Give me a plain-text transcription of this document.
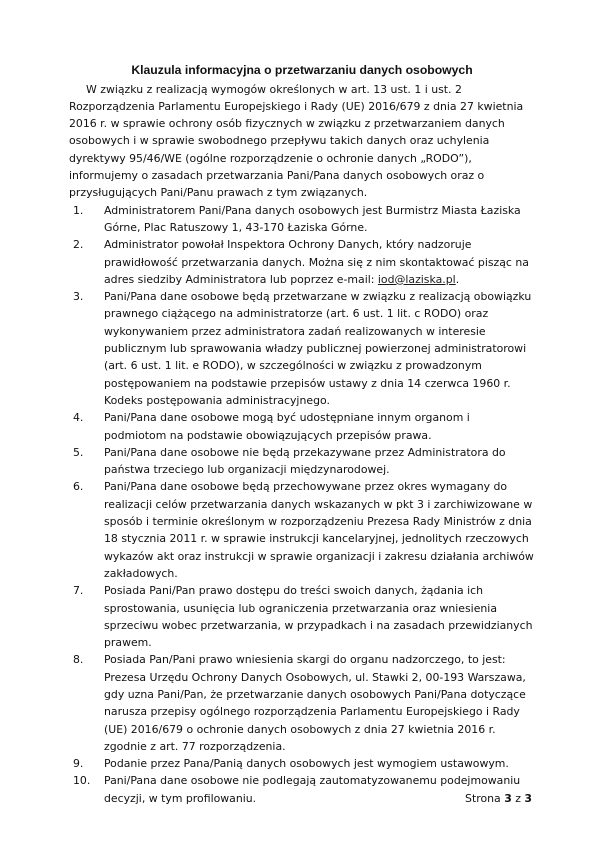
Klauzula informacyjna o przetwarzaniu danych osobowych

W związku z realizacją wymogów określonych w art. 13 ust. 1 i ust. 2 Rozporządzenia Parlamentu Europejskiego i Rady (UE) 2016/679 z dnia 27 kwietnia 2016 r. w sprawie ochrony osób fizycznych w związku z przetwarzaniem danych osobowych i w sprawie swobodnego przepływu takich danych oraz uchylenia dyrektywy 95/46/WE (ogólne rozporządzenie o ochronie danych „RODO”), informujemy o zasadach przetwarzania Pani/Pana danych osobowych oraz o przysługujących Pani/Panu prawach z tym związanych.

1. Administratorem Pani/Pana danych osobowych jest Burmistrz Miasta Łaziska Górne, Plac Ratuszowy 1, 43-170 Łaziska Górne.
2. Administrator powołał Inspektora Ochrony Danych, który nadzoruje prawidłowość przetwarzania danych. Można się z nim skontaktować pisząc na adres siedziby Administratora lub poprzez e-mail: iod@laziska.pl.
3. Pani/Pana dane osobowe będą przetwarzane w związku z realizacją obowiązku prawnego ciążącego na administratorze (art. 6 ust. 1 lit. c RODO) oraz wykonywaniem przez administratora zadań realizowanych w interesie publicznym lub sprawowania władzy publicznej powierzonej administratorowi (art. 6 ust. 1 lit. e RODO), w szczególności w związku z prowadzonym postępowaniem na podstawie przepisów ustawy z dnia 14 czerwca 1960 r. Kodeks postępowania administracyjnego.
4. Pani/Pana dane osobowe mogą być udostępniane innym organom i podmiotom na podstawie obowiązujących przepisów prawa.
5. Pani/Pana dane osobowe nie będą przekazywane przez Administratora do państwa trzeciego lub organizacji międzynarodowej.
6. Pani/Pana dane osobowe będą przechowywane przez okres wymagany do realizacji celów przetwarzania danych wskazanych w pkt 3 i zarchiwizowane w sposób i terminie określonym w rozporządzeniu Prezesa Rady Ministrów z dnia 18 stycznia 2011 r. w sprawie instrukcji kancelaryjnej, jednolitych rzeczowych wykazów akt oraz instrukcji w sprawie organizacji i zakresu działania archiwów zakładowych.
7. Posiada Pani/Pan prawo dostępu do treści swoich danych, żądania ich sprostowania, usunięcia lub ograniczenia przetwarzania oraz wniesienia sprzeciwu wobec przetwarzania, w przypadkach i na zasadach przewidzianych prawem.
8. Posiada Pan/Pani prawo wniesienia skargi do organu nadzorczego, to jest: Prezesa Urzędu Ochrony Danych Osobowych, ul. Stawki 2, 00-193 Warszawa, gdy uzna Pani/Pan, że przetwarzanie danych osobowych Pani/Pana dotyczące narusza przepisy ogólnego rozporządzenia Parlamentu Europejskiego i Rady (UE) 2016/679 o ochronie danych osobowych z dnia 27 kwietnia 2016 r. zgodnie z art. 77 rozporządzenia.
9. Podanie przez Pana/Panią danych osobowych jest wymogiem ustawowym.
10. Pani/Pana dane osobowe nie podlegają zautomatyzowanemu podejmowaniu decyzji, w tym profilowaniu.	Strona 3 z 3
